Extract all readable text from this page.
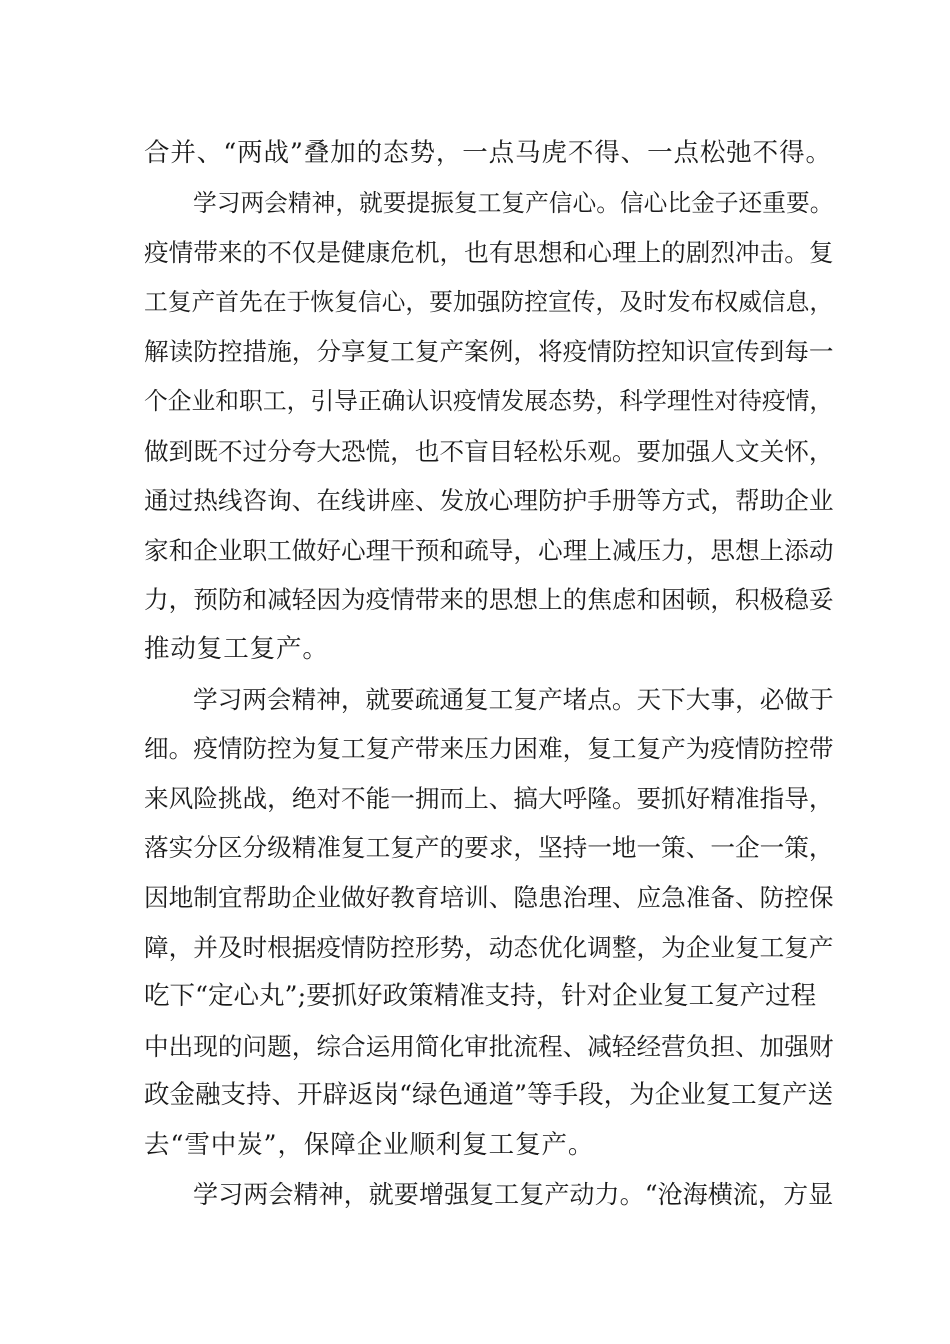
合并、“两战”叠加的态势，一点马虎不得、一点松弛不得。
学习两会精神，就要提振复工复产信心。信心比金子还重要。
疫情带来的不仅是健康危机，也有思想和心理上的剧烈冲击。复
工复产首先在于恢复信心，要加强防控宣传，及时发布权威信息，
解读防控措施，分享复工复产案例，将疫情防控知识宣传到每一
个企业和职工，引导正确认识疫情发展态势，科学理性对待疫情，
做到既不过分夸大恐慌，也不盲目轻松乐观。要加强人文关怀，
通过热线咨询、在线讲座、发放心理防护手册等方式，帮助企业
家和企业职工做好心理干预和疏导，心理上减压力，思想上添动
力，预防和减轻因为疫情带来的思想上的焦虑和困顿，积极稳妥
推动复工复产。
学习两会精神，就要疏通复工复产堵点。天下大事，必做于
细。疫情防控为复工复产带来压力困难，复工复产为疫情防控带
来风险挑战，绝对不能一拥而上、搞大呼隆。要抓好精准指导，
落实分区分级精准复工复产的要求，坚持一地一策、一企一策，
因地制宜帮助企业做好教育培训、隐患治理、应急准备、防控保
障，并及时根据疫情防控形势，动态优化调整，为企业复工复产
吃下“定心丸”;要抓好政策精准支持，针对企业复工复产过程
中出现的问题，综合运用简化审批流程、减轻经营负担、加强财
政金融支持、开辟返岗“绿色通道”等手段，为企业复工复产送
去“雪中炭”，保障企业顺利复工复产。
学习两会精神，就要增强复工复产动力。“沧海横流，方显
